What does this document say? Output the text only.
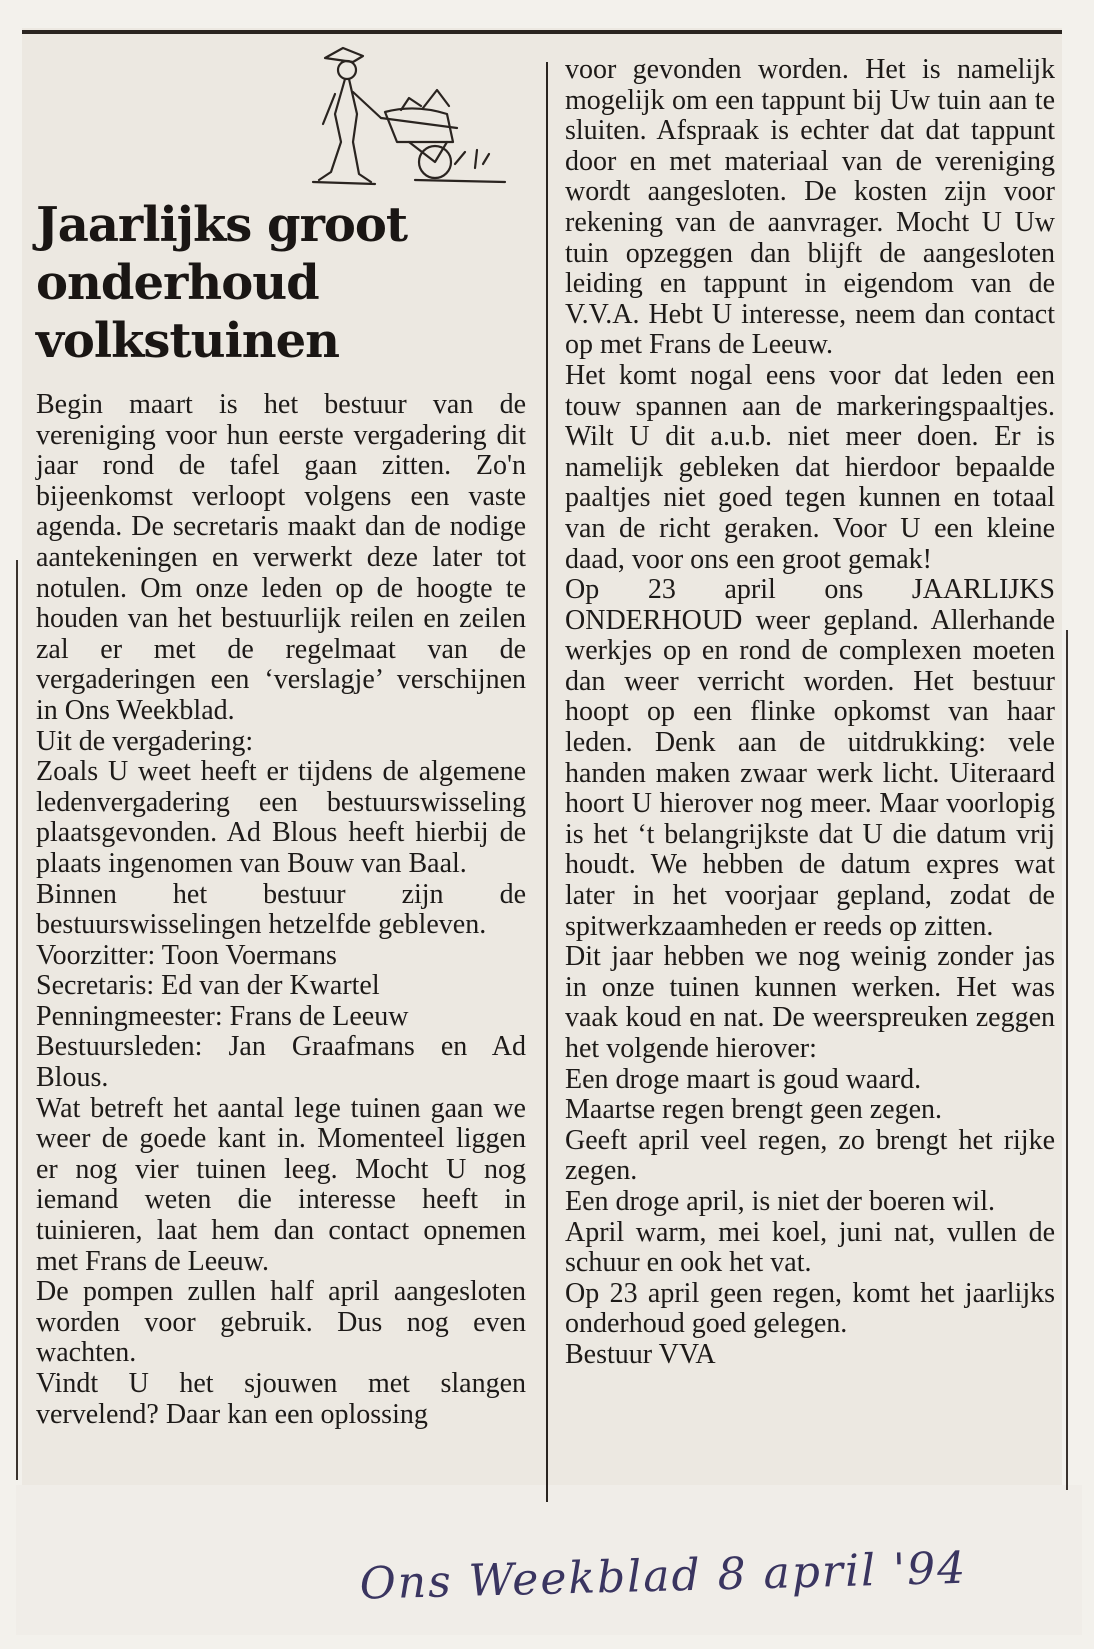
Jaarlijks groot onderhoud volkstuinen

Begin maart is het bestuur van de vereniging voor hun eerste vergadering dit jaar rond de tafel gaan zitten. Zo'n bijeenkomst verloopt volgens een vaste agenda. De secretaris maakt dan de nodige aantekeningen en verwerkt deze later tot notulen. Om onze leden op de hoogte te houden van het bestuurlijk reilen en zeilen zal er met de regelmaat van de vergaderingen een ‘verslagje’ verschijnen in Ons Weekblad.

Uit de vergadering:

Zoals U weet heeft er tijdens de algemene ledenvergadering een bestuurswisseling plaatsgevonden. Ad Blous heeft hierbij de plaats ingenomen van Bouw van Baal.

Binnen het bestuur zijn de bestuurswisselingen hetzelfde gebleven.

Voorzitter: Toon Voermans

Secretaris: Ed van der Kwartel

Penningmeester: Frans de Leeuw

Bestuursleden: Jan Graafmans en Ad Blous.

Wat betreft het aantal lege tuinen gaan we weer de goede kant in. Momenteel liggen er nog vier tuinen leeg. Mocht U nog iemand weten die interesse heeft in tuinieren, laat hem dan contact opnemen met Frans de Leeuw.

De pompen zullen half april aangesloten worden voor gebruik. Dus nog even wachten.

Vindt U het sjouwen met slangen vervelend? Daar kan een oplossing

voor gevonden worden. Het is namelijk mogelijk om een tappunt bij Uw tuin aan te sluiten. Afspraak is echter dat dat tappunt door en met materiaal van de vereniging wordt aangesloten. De kosten zijn voor rekening van de aanvrager. Mocht U Uw tuin opzeggen dan blijft de aangesloten leiding en tappunt in eigendom van de V.V.A. Hebt U interesse, neem dan contact op met Frans de Leeuw.

Het komt nogal eens voor dat leden een touw spannen aan de markeringspaaltjes. Wilt U dit a.u.b. niet meer doen. Er is namelijk gebleken dat hierdoor bepaalde paaltjes niet goed tegen kunnen en totaal van de richt geraken. Voor U een kleine daad, voor ons een groot gemak!

Op 23 april ons JAARLIJKS ONDERHOUD weer gepland. Allerhande werkjes op en rond de complexen moeten dan weer verricht worden. Het bestuur hoopt op een flinke opkomst van haar leden. Denk aan de uitdrukking: vele handen maken zwaar werk licht. Uiteraard hoort U hierover nog meer. Maar voorlopig is het ‘t belangrijkste dat U die datum vrij houdt. We hebben de datum expres wat later in het voorjaar gepland, zodat de spitwerkzaamheden er reeds op zitten.

Dit jaar hebben we nog weinig zonder jas in onze tuinen kunnen werken. Het was vaak koud en nat. De weerspreuken zeggen het volgende hierover:

Een droge maart is goud waard.

Maartse regen brengt geen zegen.

Geeft april veel regen, zo brengt het rijke zegen.

Een droge april, is niet der boeren wil.

April warm, mei koel, juni nat, vullen de schuur en ook het vat.

Op 23 april geen regen, komt het jaarlijks onderhoud goed gelegen.

Bestuur VVA

Ons Weekblad 8 april '94
